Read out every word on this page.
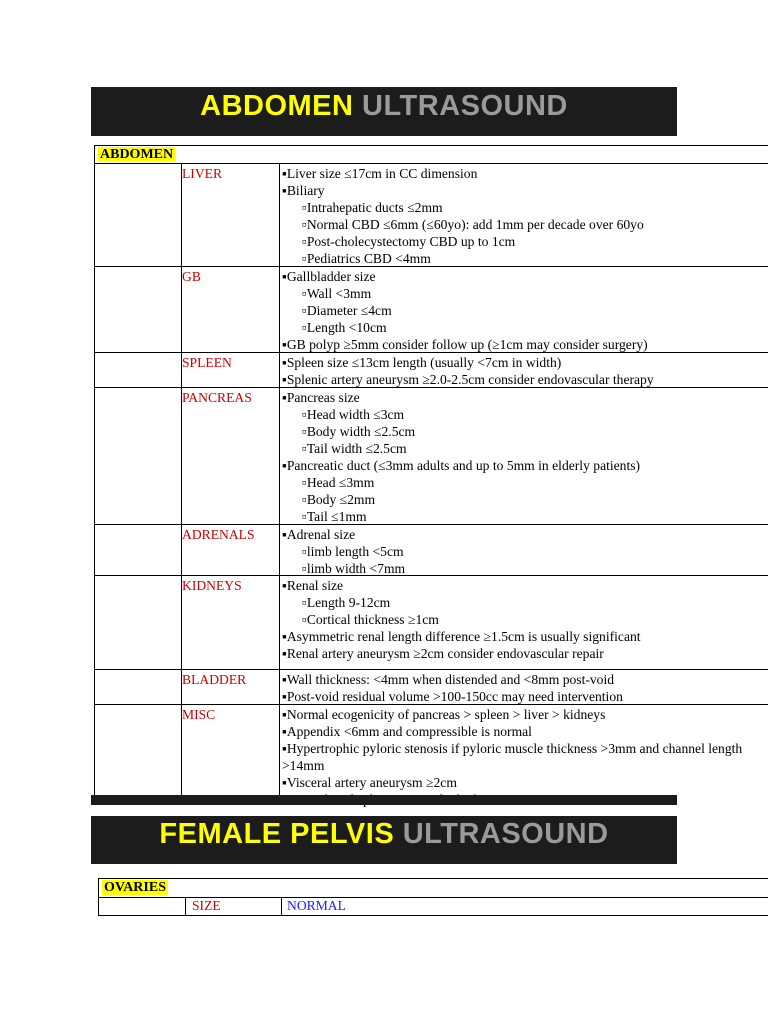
ABDOMEN ULTRASOUND
ABDOMEN
LIVER	▪Liver size ≤17cm in CC dimension
▪Biliary
▫Intrahepatic ducts ≤2mm
▫Normal CBD ≤6mm (≤60yo): add 1mm per decade over 60yo
▫Post-cholecystectomy CBD up to 1cm
▫Pediatrics CBD <4mm
GB	▪Gallbladder size
▫Wall <3mm
▫Diameter ≤4cm
▫Length <10cm
▪GB polyp ≥5mm consider follow up (≥1cm may consider surgery)
SPLEEN	▪Spleen size ≤13cm length (usually <7cm in width)
▪Splenic artery aneurysm ≥2.0-2.5cm consider endovascular therapy
PANCREAS ▪Pancreas size
▫Head width ≤3cm
▫Body width ≤2.5cm
▫Tail width ≤2.5cm
▪Pancreatic duct (≤3mm adults and up to 5mm in elderly patients)
▫Head ≤3mm
▫Body ≤2mm
▫Tail ≤1mm
ADRENALS ▪Adrenal size
▫limb length <5cm
▫limb width <7mm
KIDNEYS	▪Renal size
▫Length 9-12cm
▫Cortical thickness ≥1cm
▪Asymmetric renal length difference ≥1.5cm is usually significant
▪Renal artery aneurysm ≥2cm consider endovascular repair
BLADDER	▪Wall thickness: <4mm when distended and <8mm post-void
▪Post-void residual volume >100-150cc may need intervention
MISC	▪Normal ecogenicity of pancreas > spleen > liver > kidneys
▪Appendix <6mm and compressible is normal
▪Hypertrophic pyloric stenosis if pyloric muscle thickness >3mm and channel length >14mm
▪Visceral artery aneurysm ≥2cm
FEMALE PELVIS ULTRASOUND
OVARIES
SIZE	NORMAL
